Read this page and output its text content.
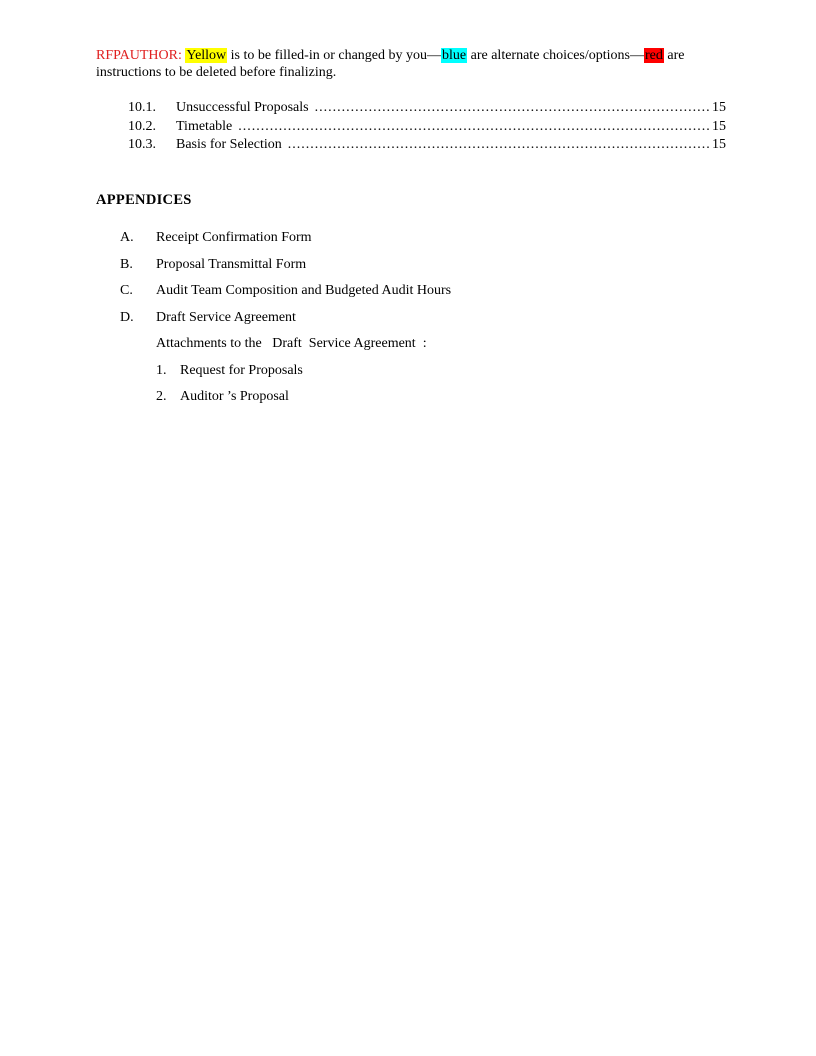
RFPAUTHOR: Yellow is to be filled-in or changed by you—blue are alternate choices/options—red are instructions to be deleted before finalizing.
10.1.	Unsuccessful Proposals .....	15
10.2.	Timetable .....	15
10.3.	Basis for Selection .....	15
APPENDICES
A.	Receipt Confirmation Form
B.	Proposal Transmittal Form
C.	Audit Team Composition and Budgeted Audit Hours
D.	Draft Service Agreement
Attachments to the   Draft  Service Agreement  :
1. Request for Proposals
2. Auditor ’s Proposal
